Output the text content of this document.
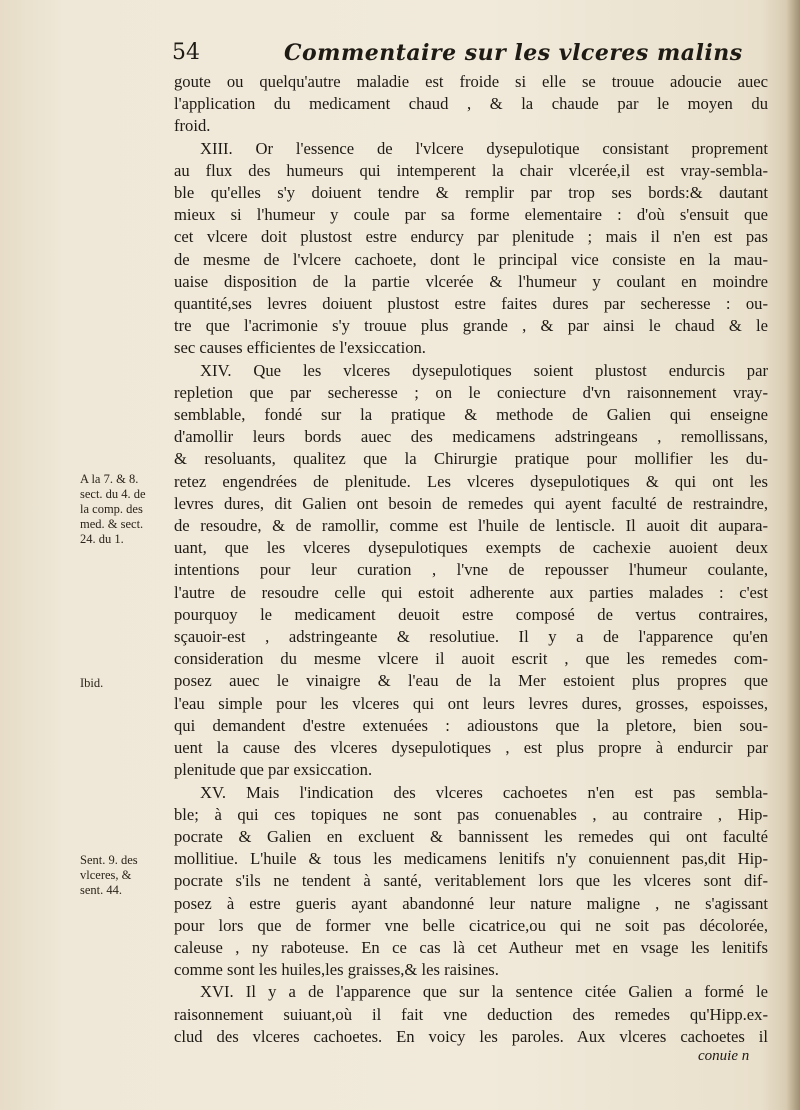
54	Commentaire sur les vlceres malins
goute ou quelqu'autre maladie est froide si elle se trouue adoucie auec
l'application du medicament chaud , & la chaude par le moyen du
froid.
XIII. Or l'essence de l'vlcere dysepulotique consistant proprement
au flux des humeurs qui intemperent la chair vlcerée,il est vray-sembla-
ble qu'elles s'y doiuent tendre & remplir par trop ses bords:& dautant
mieux si l'humeur y coule par sa forme elementaire : d'où s'ensuit que
cet vlcere doit plustost estre endurcy par plenitude ; mais il n'en est pas
de mesme de l'vlcere cachoete, dont le principal vice consiste en la mau-
uaise disposition de la partie vlcerée & l'humeur y coulant en moindre
quantité,ses levres doiuent plustost estre faites dures par secheresse : ou-
tre que l'acrimonie s'y trouue plus grande , & par ainsi le chaud & le
sec causes efficientes de l'exsiccation.
XIV. Que les vlceres dysepulotiques soient plustost endurcis par
repletion que par secheresse ; on le coniecture d'vn raisonnement vray-
semblable, fondé sur la pratique & methode de Galien qui enseigne
d'amollir leurs bords auec des medicamens adstringeans , remollissans,
& resoluants, qualitez que la Chirurgie pratique pour mollifier les du-
retez engendrées de plenitude. Les vlceres dysepulotiques & qui ont les
levres dures, dit Galien ont besoin de remedes qui ayent faculté de restraindre,
de resoudre, & de ramollir, comme est l'huile de lentiscle. Il auoit dit aupara-
uant, que les vlceres dysepulotiques exempts de cachexie auoient deux
intentions pour leur curation , l'vne de repousser l'humeur coulante,
l'autre de resoudre celle qui estoit adherente aux parties malades : c'est
pourquoy le medicament deuoit estre composé de vertus contraires,
sçauoir-est , adstringeante & resolutiue. Il y a de l'apparence qu'en
consideration du mesme vlcere il auoit escrit , que les remedes com-
posez auec le vinaigre & l'eau de la Mer estoient plus propres que
l'eau simple pour les vlceres qui ont leurs levres dures, grosses, espoisses,
qui demandent d'estre extenuées : adioustons que la pletore, bien sou-
uent la cause des vlceres dysepulotiques , est plus propre à endurcir par
plenitude que par exsiccation.
XV. Mais l'indication des vlceres cachoetes n'en est pas sembla-
ble; à qui ces topiques ne sont pas conuenables , au contraire , Hip-
pocrate & Galien en excluent & bannissent les remedes qui ont faculté
mollitiue. L'huile & tous les medicamens lenitifs n'y conuiennent pas,dit Hip-
pocrate s'ils ne tendent à santé, veritablement lors que les vlceres sont dif-
posez à estre gueris ayant abandonné leur nature maligne , ne s'agissant
pour lors que de former vne belle cicatrice,ou qui ne soit pas décolorée,
caleuse , ny raboteuse. En ce cas là cet Autheur met en vsage les lenitifs
comme sont les huiles,les graisses,& les raisines.
XVI. Il y a de l'apparence que sur la sentence citée Galien a formé le
raisonnement suiuant,où il fait vne deduction des remedes qu'Hipp.ex-
clud des vlceres cachoetes. En voicy les paroles. Aux vlceres cachoetes il
A la 7. & 8.
sect. du 4. de
la comp. des
med. & sect.
24. du 1.
Ibid.
Sent. 9. des
vlceres, &
sent. 44.
conuie n
